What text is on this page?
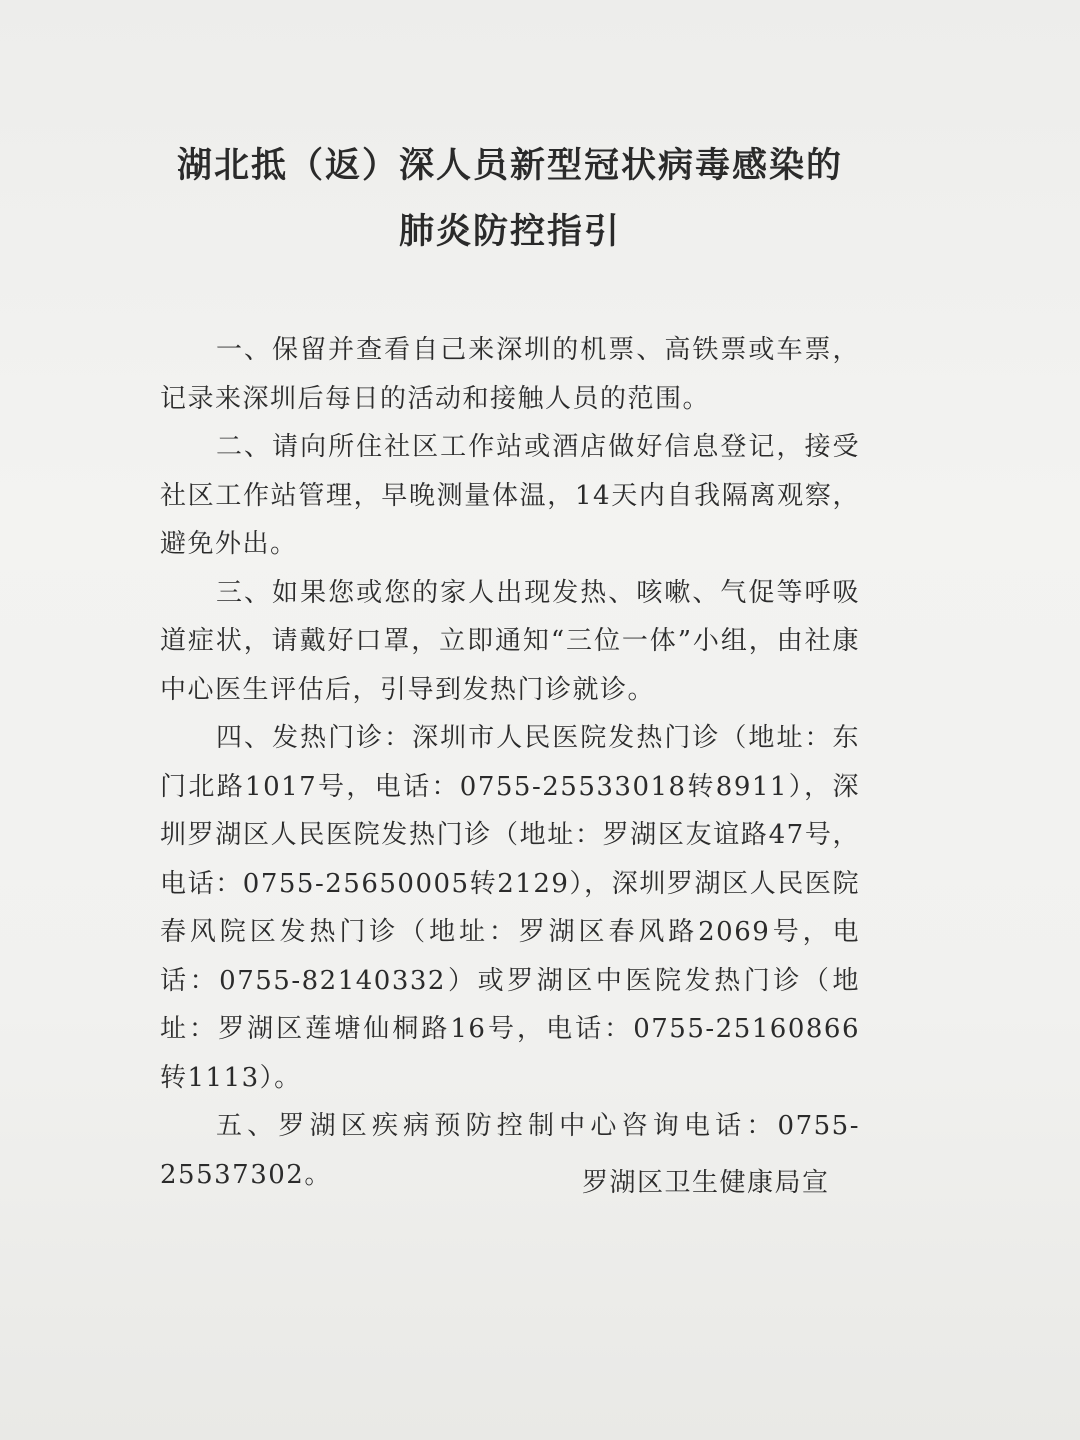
湖北抵（返）深人员新型冠状病毒感染的
肺炎防控指引

一、保留并查看自己来深圳的机票、高铁票或车票，记录来深圳后每日的活动和接触人员的范围。

二、请向所住社区工作站或酒店做好信息登记，接受社区工作站管理，早晚测量体温，14天内自我隔离观察，避免外出。

三、如果您或您的家人出现发热、咳嗽、气促等呼吸道症状，请戴好口罩，立即通知“三位一体”小组，由社康中心医生评估后，引导到发热门诊就诊。

四、发热门诊：深圳市人民医院发热门诊（地址：东门北路1017号，电话：0755-25533018转8911），深圳罗湖区人民医院发热门诊（地址：罗湖区友谊路47号，电话：0755-25650005转2129），深圳罗湖区人民医院春风院区发热门诊（地址：罗湖区春风路2069号，电话：0755-82140332）或罗湖区中医院发热门诊（地址：罗湖区莲塘仙桐路16号，电话：0755-25160866转1113）。

五、罗湖区疾病预防控制中心咨询电话：0755-25537302。	罗湖区卫生健康局宣
